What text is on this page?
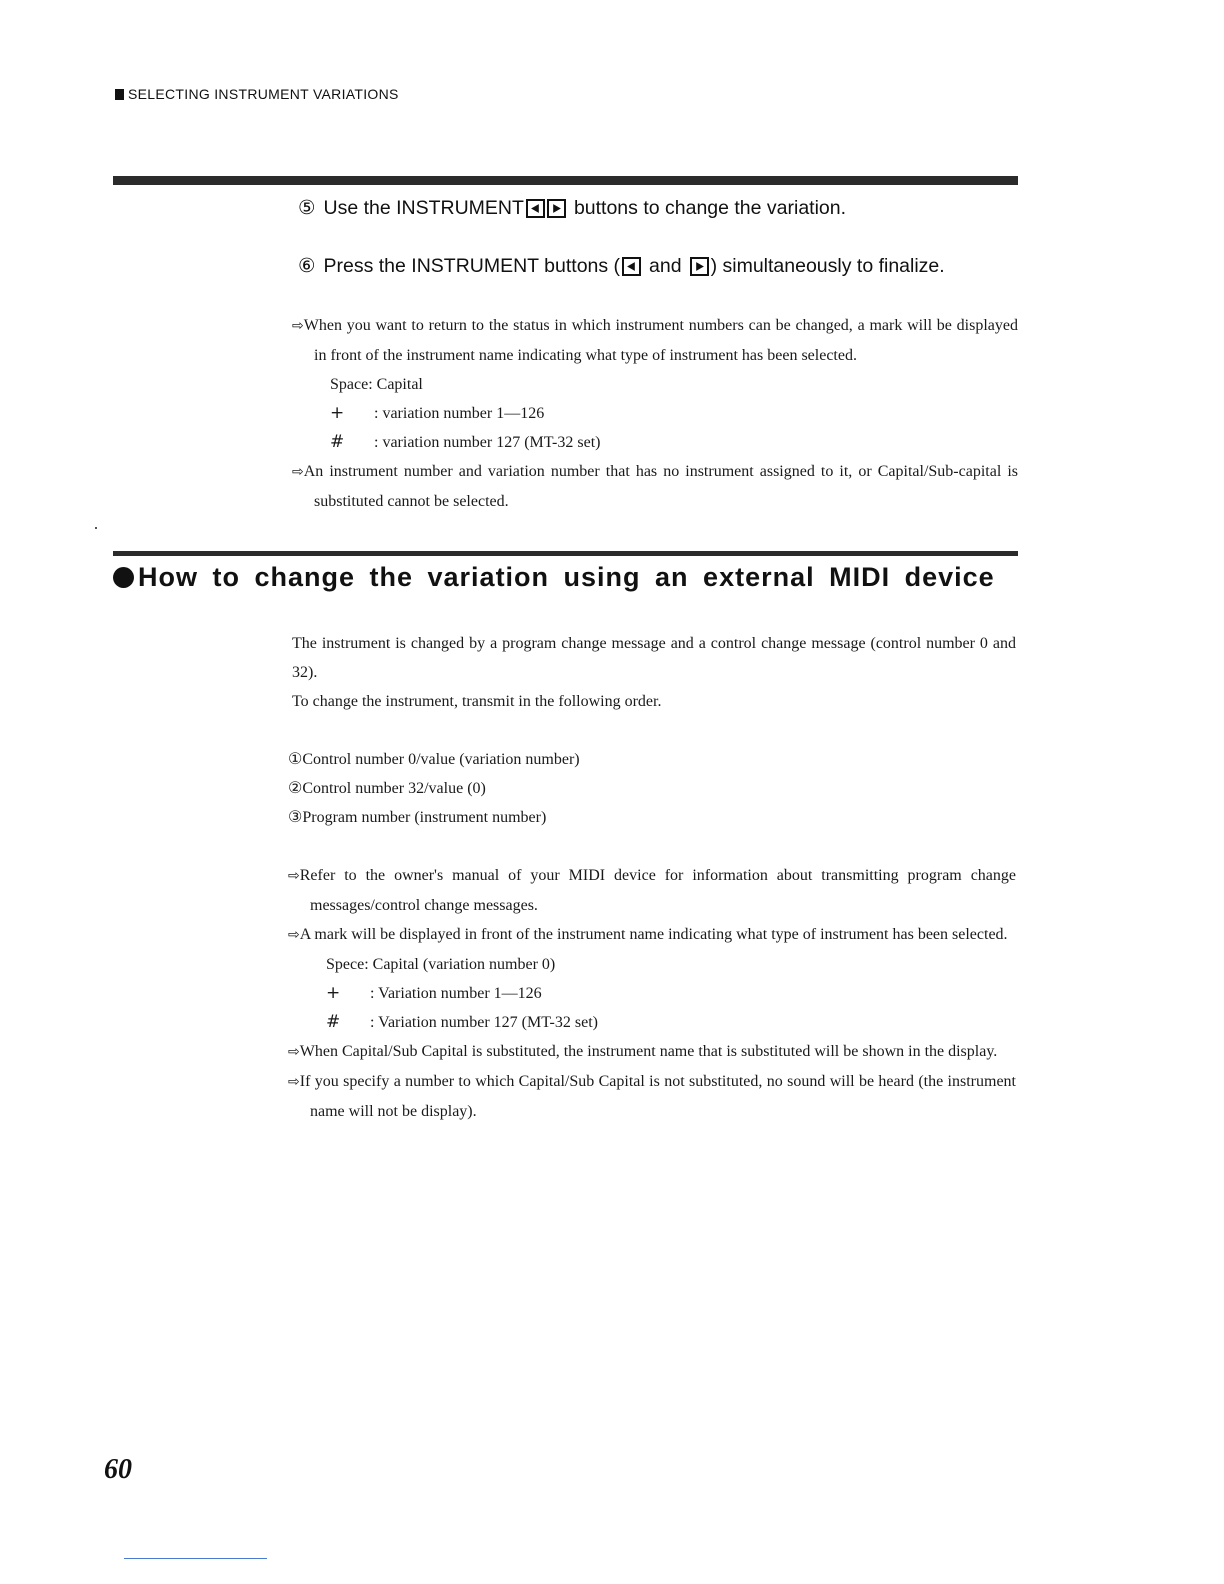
SELECTING INSTRUMENT VARIATIONS
⑤ Use the INSTRUMENT	buttons to change the variation.
⑥ Press the INSTRUMENT buttons ( and ) simultaneously to finalize.
⇨When you want to return to the status in which instrument numbers can be changed, a mark will be displayed in front of the instrument name indicating what type of instrument has been selected.
Space : Capital
+	: variation number 1—126
#	: variation number 127 (MT-32 set)
⇨An instrument number and variation number that has no instrument assigned to it, or Capital/Sub-capital is substituted cannot be selected.
How to change the variation using an external MIDI device
The instrument is changed by a program change message and a control change message (control number 0 and 32).
To change the instrument, transmit in the following order.
①Control number 0/value (variation number)
②Control number 32/value (0)
③Program number (instrument number)
⇨Refer to the owner's manual of your MIDI device for information about transmitting program change messages/control change messages.
⇨A mark will be displayed in front of the instrument name indicating what type of instrument has been selected.
Spece : Capital (variation number 0)
+	: Variation number 1—126
#	: Variation number 127 (MT-32 set)
⇨When Capital/Sub Capital is substituted, the instrument name that is substituted will be shown in the display.
⇨If you specify a number to which Capital/Sub Capital is not substituted, no sound will be heard (the instrument name will not be display).
60
